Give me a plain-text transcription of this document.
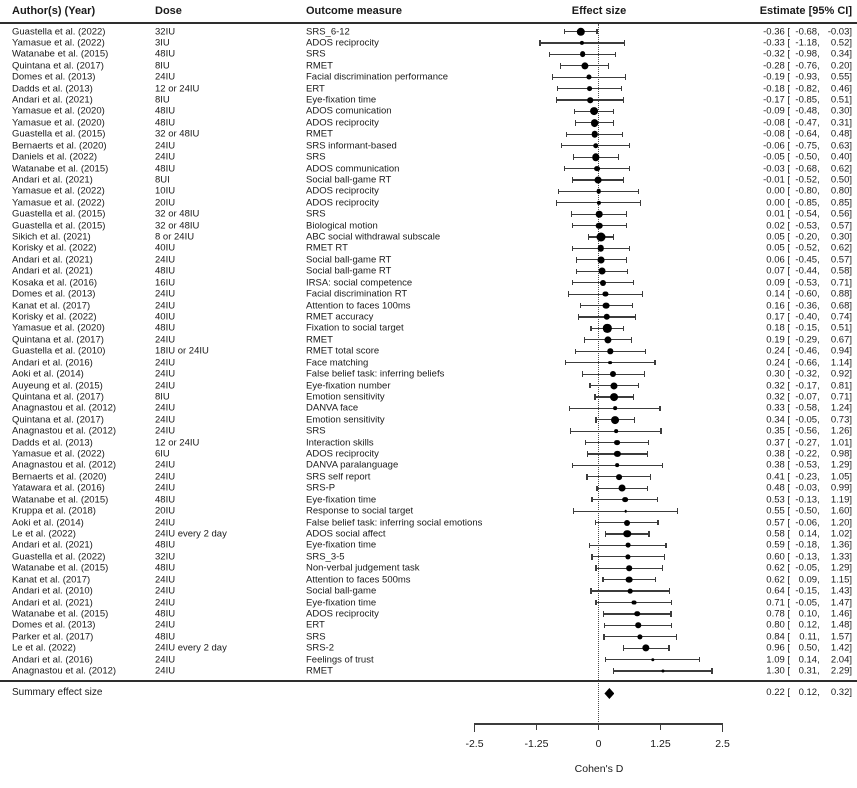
Author(s) (Year)	Dose	Outcome measure	Effect size	Estimate [95% CI]
Guastella et al. (2022)	32IU	SRS_6-12	-0.36 [ -0.68, -0.03]
Yamasue et al. (2022)	3IU	ADOS reciprocity	-0.33 [ -1.18, 0.52]
Watanabe et al. (2015)	48IU	SRS	-0.32 [ -0.98, 0.34]
Quintana et al. (2017)	8IU	RMET	-0.28 [ -0.76, 0.20]
Domes et al. (2013)	24IU	Facial discrimination performance	-0.19 [ -0.93, 0.55]
Dadds et al. (2013)	12 or 24IU	ERT	-0.18 [ -0.82, 0.46]
Andari et al. (2021)	8IU	Eye-fixation time	-0.17 [ -0.85, 0.51]
Yamasue et al. (2020)	48IU	ADOS comunication	-0.09 [ -0.48, 0.30]
Yamasue et al. (2020)	48IU	ADOS reciprocity	-0.08 [ -0.47, 0.31]
Guastella et al. (2015)	32 or 48IU	RMET	-0.08 [ -0.64, 0.48]
Bernaerts et al. (2020)	24IU	SRS informant-based	-0.06 [ -0.75, 0.63]
Daniels et al. (2022)	24IU	SRS	-0.05 [ -0.50, 0.40]
Watanabe et al. (2015)	48IU	ADOS communication	-0.03 [ -0.68, 0.62]
Andari et al. (2021)	8UI	Social ball-game RT	-0.01 [ -0.52, 0.50]
Yamasue et al. (2022)	10IU	ADOS reciprocity	0.00 [ -0.80, 0.80]
Yamasue et al. (2022)	20IU	ADOS reciprocity	0.00 [ -0.85, 0.85]
Guastella et al. (2015)	32 or 48IU	SRS	0.01 [ -0.54, 0.56]
Guastella et al. (2015)	32 or 48IU	Biological motion	0.02 [ -0.53, 0.57]
Sikich et al. (2021)	8 or 24IU	ABC social withdrawal subscale	0.05 [ -0.20, 0.30]
Korisky et al. (2022)	40IU	RMET RT	0.05 [ -0.52, 0.62]
Andari et al. (2021)	24IU	Social ball-game RT	0.06 [ -0.45, 0.57]
Andari et al. (2021)	48IU	Social ball-game RT	0.07 [ -0.44, 0.58]
Kosaka et al. (2016)	16IU	IRSA: social competence	0.09 [ -0.53, 0.71]
Domes et al. (2013)	24IU	Facial discrimination RT	0.14 [ -0.60, 0.88]
Kanat et al. (2017)	24IU	Attention to faces 100ms	0.16 [ -0.36, 0.68]
Korisky et al. (2022)	40IU	RMET accuracy	0.17 [ -0.40, 0.74]
Yamasue et al. (2020)	48IU	Fixation to social target	0.18 [ -0.15, 0.51]
Quintana et al. (2017)	24IU	RMET	0.19 [ -0.29, 0.67]
Guastella et al. (2010)	18IU or 24IU	RMET total score	0.24 [ -0.46, 0.94]
Andari et al. (2016)	24IU	Face matching	0.24 [ -0.66, 1.14]
Aoki et al. (2014)	24IU	False belief task: inferring beliefs	0.30 [ -0.32, 0.92]
Auyeung et al. (2015)	24IU	Eye-fixation number	0.32 [ -0.17, 0.81]
Quintana et al. (2017)	8IU	Emotion sensitivity	0.32 [ -0.07, 0.71]
Anagnastou et al. (2012)	24IU	DANVA face	0.33 [ -0.58, 1.24]
Quintana et al. (2017)	24IU	Emotion sensitivity	0.34 [ -0.05, 0.73]
Anagnastou et al. (2012)	24IU	SRS	0.35 [ -0.56, 1.26]
Dadds et al. (2013)	12 or 24IU	Interaction skills	0.37 [ -0.27, 1.01]
Yamasue et al. (2022)	6IU	ADOS reciprocity	0.38 [ -0.22, 0.98]
Anagnastou et al. (2012)	24IU	DANVA paralanguage	0.38 [ -0.53, 1.29]
Bernaerts et al. (2020)	24IU	SRS self report	0.41 [ -0.23, 1.05]
Yatawara et al. (2016)	24IU	SRS-P	0.48 [ -0.03, 0.99]
Watanabe et al. (2015)	48IU	Eye-fixation time	0.53 [ -0.13, 1.19]
Kruppa et al. (2018)	20IU	Response to social target	0.55 [ -0.50, 1.60]
Aoki et al. (2014)	24IU	False belief task: inferring social emotions	0.57 [ -0.06, 1.20]
Le et al. (2022)	24IU every 2 day	ADOS social affect	0.58 [ 0.14, 1.02]
Andari et al. (2021)	48IU	Eye-fixation time	0.59 [ -0.18, 1.36]
Guastella et al. (2022)	32IU	SRS_3-5	0.60 [ -0.13, 1.33]
Watanabe et al. (2015)	48IU	Non-verbal judgement task	0.62 [ -0.05, 1.29]
Kanat et al. (2017)	24IU	Attention to faces 500ms	0.62 [ 0.09, 1.15]
Andari et al. (2010)	24IU	Social ball-game	0.64 [ -0.15, 1.43]
Andari et al. (2021)	24IU	Eye-fixation time	0.71 [ -0.05, 1.47]
Watanabe et al. (2015)	48IU	ADOS reciprocity	0.78 [ 0.10, 1.46]
Domes et al. (2013)	24IU	ERT	0.80 [ 0.12, 1.48]
Parker et al. (2017)	48IU	SRS	0.84 [ 0.11, 1.57]
Le et al. (2022)	24IU every 2 day	SRS-2	0.96 [ 0.50, 1.42]
Andari et al. (2016)	24IU	Feelings of trust	1.09 [ 0.14, 2.04]
Anagnastou et al. (2012)	24IU	RMET	1.30 [ 0.31, 2.29]
Summary effect size	0.22 [ 0.12, 0.32]
-2.5	-1.25	0	1.25	2.5
Cohen's D
